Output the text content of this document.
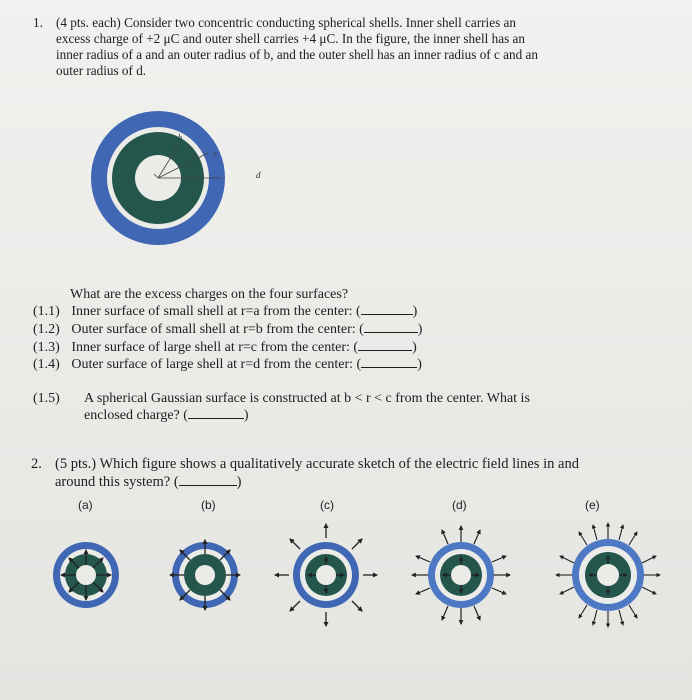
1. (4 pts. each) Consider two concentric conducting spherical shells. Inner shell carries an
excess charge of +2 μC and outer shell carries +4 μC. In the figure, the inner shell has an
inner radius of a and an outer radius of b, and the outer shell has an inner radius of c and an
outer radius of d.
b
c
d
What are the excess charges on the four surfaces?
(1.1) Inner surface of small shell at r=a from the center: (	)
(1.2) Outer surface of small shell at r=b from the center: (	)
(1.3) Inner surface of large shell at r=c from the center: (	)
(1.4) Outer surface of large shell at r=d from the center: (	)
(1.5) A spherical Gaussian surface is constructed at b < r < c from the center. What is
enclosed charge? (	)
2. (5 pts.) Which figure shows a qualitatively accurate sketch of the electric field lines in and
around this system? (	)
(a)	(b)	(c)	(d)	(e)
